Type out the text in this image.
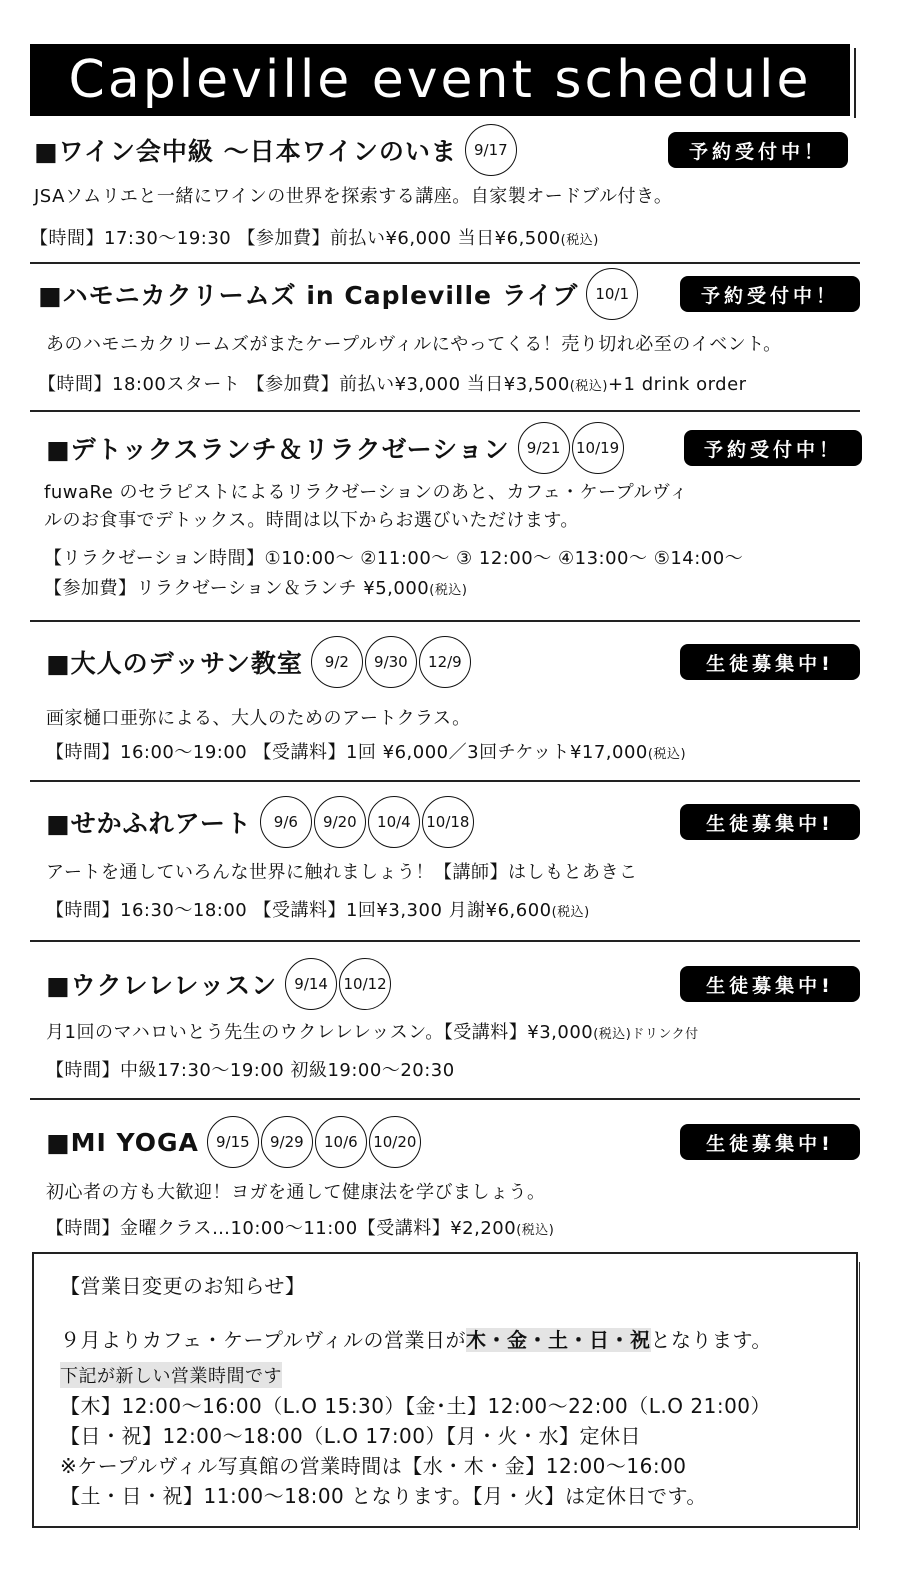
Capleville event schedule
■ワイン会中級 ～日本ワインのいま	9/17	予約受付中！
JSAソムリエと一緒にワインの世界を探索する講座。自家製オードブル付き。
【時間】17:30～19:30 【参加費】前払い¥6,000 当日¥6,500(税込)
■ハモニカクリームズ in Capleville ライブ	10/1	予約受付中！
あのハモニカクリームズがまたケープルヴィルにやってくる！売り切れ必至のイベント。
【時間】18:00スタート 【参加費】前払い¥3,000 当日¥3,500(税込)+1 drink order
■デトックスランチ＆リラクゼーション	9/21	10/19	予約受付中！
fuwaRe のセラピストによるリラクゼーションのあと、カフェ・ケープルヴィ
ルのお食事でデトックス。時間は以下からお選びいただけます。
【リラクゼーション時間】①10:00～ ②11:00～ ③ 12:00～ ④13:00～ ⑤14:00～
【参加費】リラクゼーション＆ランチ ¥5,000(税込)
■大人のデッサン教室	9/2	9/30	12/9	生徒募集中!
画家樋口亜弥による、大人のためのアートクラス。
【時間】16:00～19:00 【受講料】1回 ¥6,000／3回チケット¥17,000(税込)
■せかふれアート	9/6	9/20	10/4	10/18	生徒募集中!
アートを通していろんな世界に触れましょう！【講師】はしもとあきこ
【時間】16:30～18:00 【受講料】1回¥3,300 月謝¥6,600(税込)
■ウクレレレッスン	9/14	10/12	生徒募集中!
月1回のマハロいとう先生のウクレレレッスン。【受講料】¥3,000(税込)ドリンク付
【時間】中級17:30～19:00 初級19:00～20:30
■MI YOGA	9/15	9/29	10/6	10/20	生徒募集中!
初心者の方も大歓迎！ヨガを通して健康法を学びましょう。
【時間】金曜クラス…10:00～11:00【受講料】¥2,200(税込)
【営業日変更のお知らせ】
９月よりカフェ・ケープルヴィルの営業日が木・金・土・日・祝となります。
下記が新しい営業時間です
【木】12:00～16:00（L.O 15:30）【金･土】12:00～22:00（L.O 21:00）
【日・祝】12:00～18:00（L.O 17:00）【月・火・水】定休日
※ケープルヴィル写真館の営業時間は【水・木・金】12:00～16:00
【土・日・祝】11:00～18:00 となります。【月・火】は定休日です。
